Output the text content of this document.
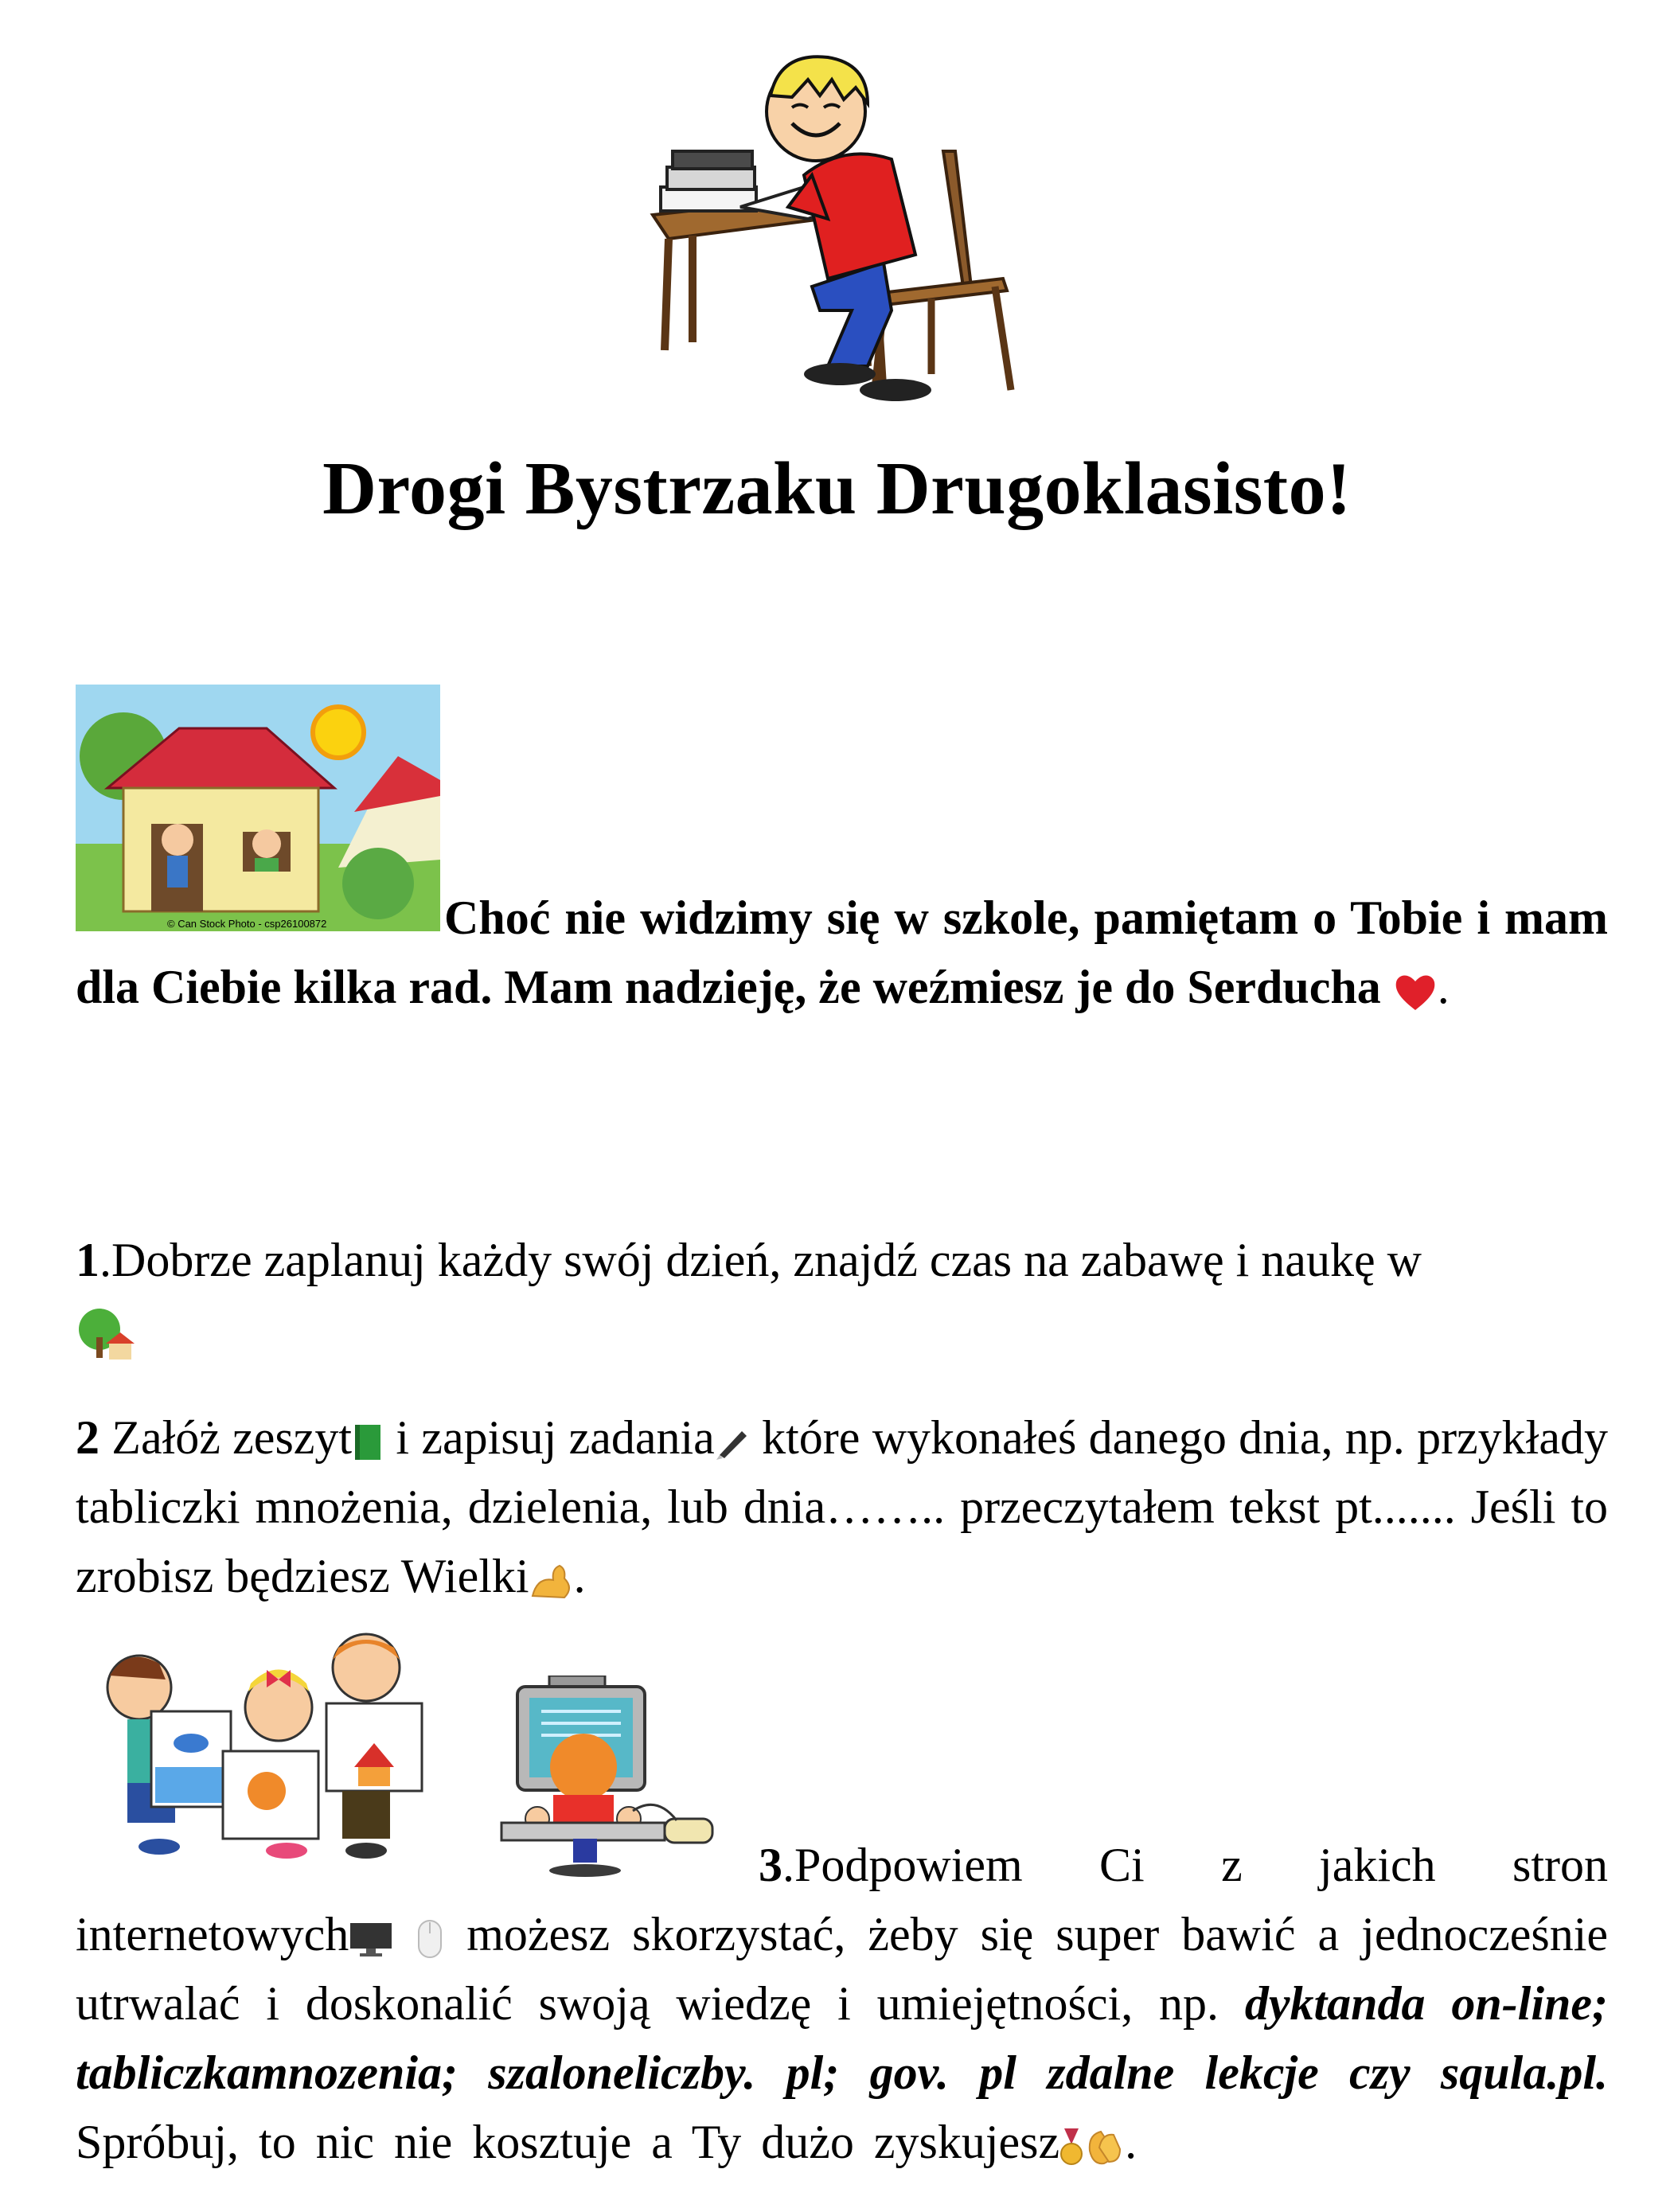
Drogi Bystrzaku Drugoklasisto!
© Can Stock Photo - csp26100872	Choć nie widzimy się w szkole, pamiętam o Tobie i mam dla Ciebie kilka rad. Mam nadzieję, że weźmiesz je do Serducha .
1.Dobrze zaplanuj każdy swój dzień, znajdź czas na zabawę i naukę w

2 Załóż zeszyt i zapisuj zadania które wykonałeś danego dnia, np. przykłady tabliczki mnożenia, dzielenia, lub dnia…….. przeczytałem tekst pt....... Jeśli to zrobisz będziesz Wielki .
3.Podpowiem Ci z jakich stron internetowych  możesz skorzystać, żeby się super bawić a jednocześnie utrwalać i doskonalić swoją wiedzę i umiejętności, np. dyktanda on-line; tabliczkamnozenia; szaloneliczby. pl; gov. pl zdalne lekcje czy squla.pl. Spróbuj, to nic nie kosztuje a Ty dużo zyskujesz .
